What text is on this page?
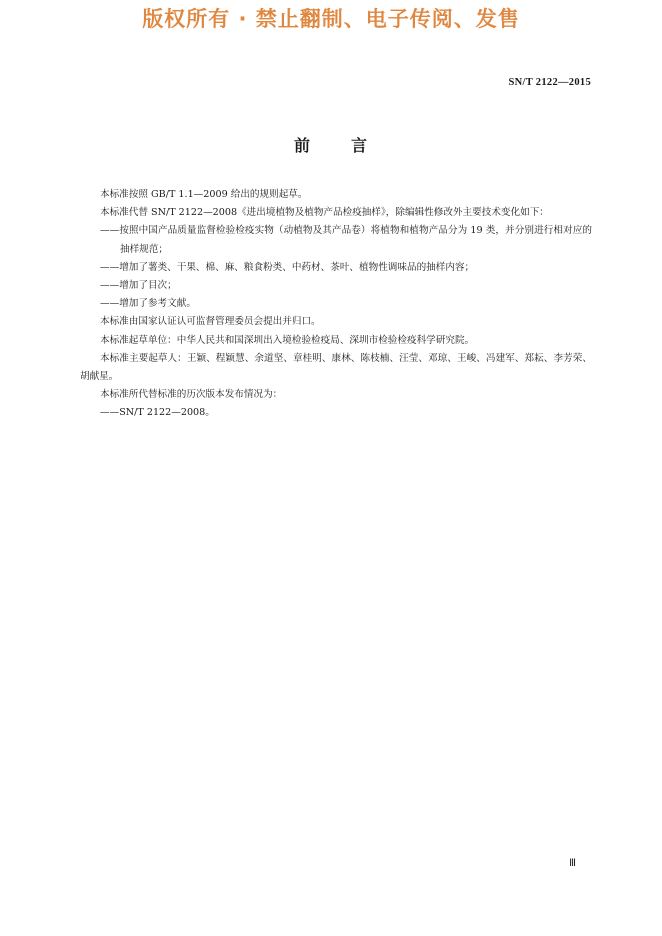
版权所有 · 禁止翻制、电子传阅、发售
SN/T 2122—2015
前	言

本标准按照 GB/T 1.1—2009 给出的规则起草。

本标准代替 SN/T 2122—2008《进出境植物及植物产品检疫抽样》，除编辑性修改外主要技术变化如下：

——按照中国产品质量监督检验检疫实物（动植物及其产品卷）将植物和植物产品分为 19 类，并分别进行相对应的抽样规范；

——增加了薯类、干果、棉、麻、粮食粉类、中药材、茶叶、植物性调味品的抽样内容；

——增加了目次；

——增加了参考文献。

本标准由国家认证认可监督管理委员会提出并归口。

本标准起草单位：中华人民共和国深圳出入境检验检疫局、深圳市检验检疫科学研究院。

本标准主要起草人：王颖、程颖慧、余道坚、章桂明、康林、陈枝楠、汪莹、邓琼、王峻、冯建军、郑耘、李芳荣、胡献星。

本标准所代替标准的历次版本发布情况为：

——SN/T 2122—2008。

Ⅲ
